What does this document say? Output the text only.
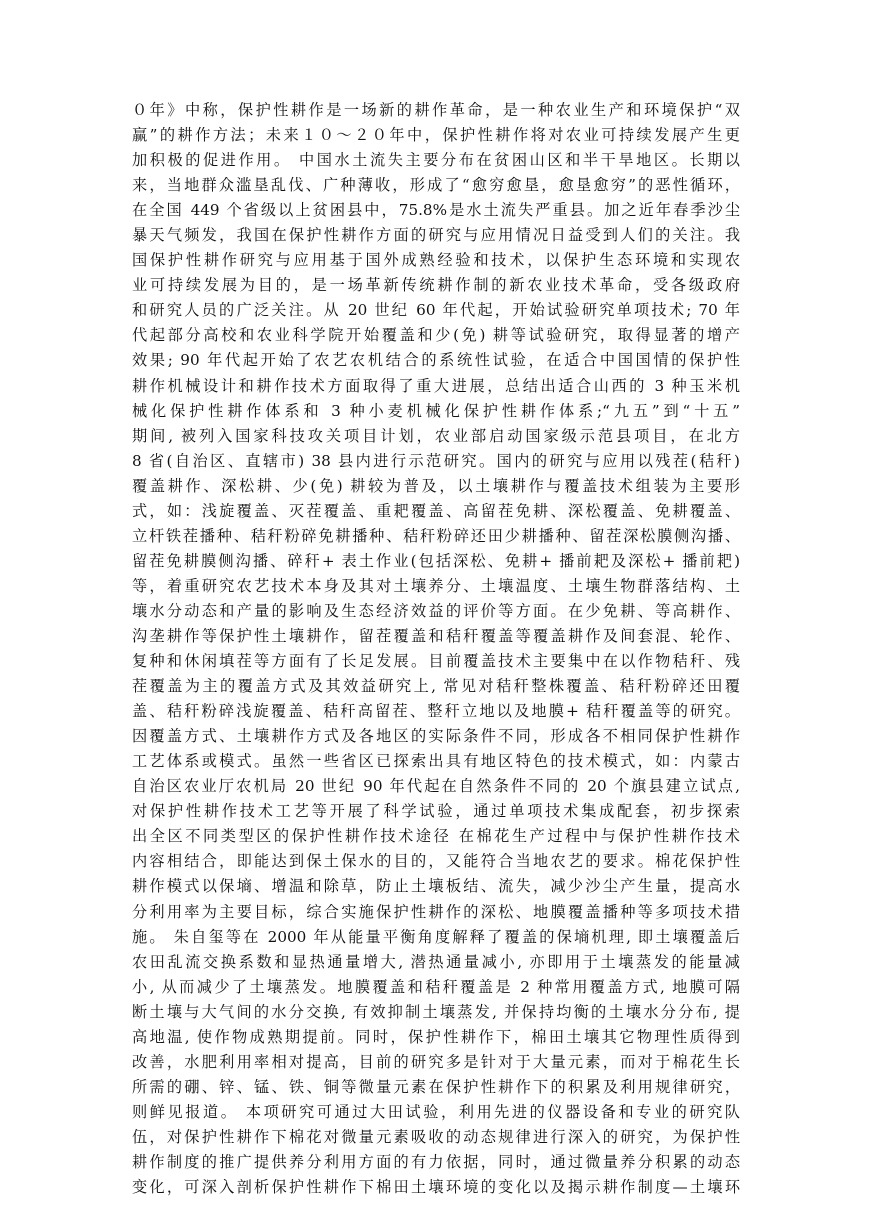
０年》中称，保护性耕作是一场新的耕作革命，是一种农业生产和环境保护“双
赢”的耕作方法；未来１０～２０年中，保护性耕作将对农业可持续发展产生更
加积极的促进作用。 中国水土流失主要分布在贫困山区和半干旱地区。长期以
来，当地群众滥垦乱伐、广种薄收，形成了“愈穷愈垦，愈垦愈穷”的恶性循环，
在全国 449 个省级以上贫困县中，75.8%是水土流失严重县。加之近年春季沙尘
暴天气频发，我国在保护性耕作方面的研究与应用情况日益受到人们的关注。我
国保护性耕作研究与应用基于国外成熟经验和技术，以保护生态环境和实现农
业可持续发展为目的，是一场革新传统耕作制的新农业技术革命，受各级政府
和研究人员的广泛关注。从 20 世纪 60 年代起，开始试验研究单项技术; 70 年
代起部分高校和农业科学院开始覆盖和少(免) 耕等试验研究，取得显著的增产
效果; 90 年代起开始了农艺农机结合的系统性试验，在适合中国国情的保护性
耕作机械设计和耕作技术方面取得了重大进展，总结出适合山西的 3 种玉米机
械化保护性耕作体系和 3 种小麦机械化保护性耕作体系;“九五”到“十五”
期间, 被列入国家科技攻关项目计划，农业部启动国家级示范县项目，在北方
8 省(自治区、直辖市) 38 县内进行示范研究。国内的研究与应用以残茬(秸秆)
覆盖耕作、深松耕、少(免) 耕较为普及，以土壤耕作与覆盖技术组装为主要形
式，如：浅旋覆盖、灭茬覆盖、重耙覆盖、高留茬免耕、深松覆盖、免耕覆盖、
立杆铁茬播种、秸秆粉碎免耕播种、秸秆粉碎还田少耕播种、留茬深松膜侧沟播、
留茬免耕膜侧沟播、碎秆+ 表土作业(包括深松、免耕+ 播前耙及深松+ 播前耙)
等，着重研究农艺技术本身及其对土壤养分、土壤温度、土壤生物群落结构、土
壤水分动态和产量的影响及生态经济效益的评价等方面。在少免耕、等高耕作、
沟垄耕作等保护性土壤耕作，留茬覆盖和秸秆覆盖等覆盖耕作及间套混、轮作、
复种和休闲填茬等方面有了长足发展。目前覆盖技术主要集中在以作物秸秆、残
茬覆盖为主的覆盖方式及其效益研究上, 常见对秸秆整株覆盖、秸秆粉碎还田覆
盖、秸秆粉碎浅旋覆盖、秸秆高留茬、整秆立地以及地膜+ 秸秆覆盖等的研究。
因覆盖方式、土壤耕作方式及各地区的实际条件不同，形成各不相同保护性耕作
工艺体系或模式。虽然一些省区已探索出具有地区特色的技术模式，如：内蒙古
自治区农业厅农机局 20 世纪 90 年代起在自然条件不同的 20 个旗县建立试点,
对保护性耕作技术工艺等开展了科学试验，通过单项技术集成配套，初步探索
出全区不同类型区的保护性耕作技术途径 在棉花生产过程中与保护性耕作技术
内容相结合，即能达到保土保水的目的，又能符合当地农艺的要求。棉花保护性
耕作模式以保墒、增温和除草，防止土壤板结、流失，减少沙尘产生量，提高水
分利用率为主要目标，综合实施保护性耕作的深松、地膜覆盖播种等多项技术措
施。 朱自玺等在 2000 年从能量平衡角度解释了覆盖的保墒机理, 即土壤覆盖后
农田乱流交换系数和显热通量增大, 潜热通量减小, 亦即用于土壤蒸发的能量减
小, 从而减少了土壤蒸发。地膜覆盖和秸秆覆盖是 2 种常用覆盖方式, 地膜可隔
断土壤与大气间的水分交换, 有效抑制土壤蒸发, 并保持均衡的土壤水分分布, 提
高地温, 使作物成熟期提前。同时，保护性耕作下，棉田土壤其它物理性质得到
改善，水肥利用率相对提高，目前的研究多是针对于大量元素，而对于棉花生长
所需的硼、锌、锰、铁、铜等微量元素在保护性耕作下的积累及利用规律研究，
则鲜见报道。 本项研究可通过大田试验，利用先进的仪器设备和专业的研究队
伍，对保护性耕作下棉花对微量元素吸收的动态规律进行深入的研究，为保护性
耕作制度的推广提供养分利用方面的有力依据，同时，通过微量养分积累的动态
变化，可深入剖析保护性耕作下棉田土壤环境的变化以及揭示耕作制度—土壤环
